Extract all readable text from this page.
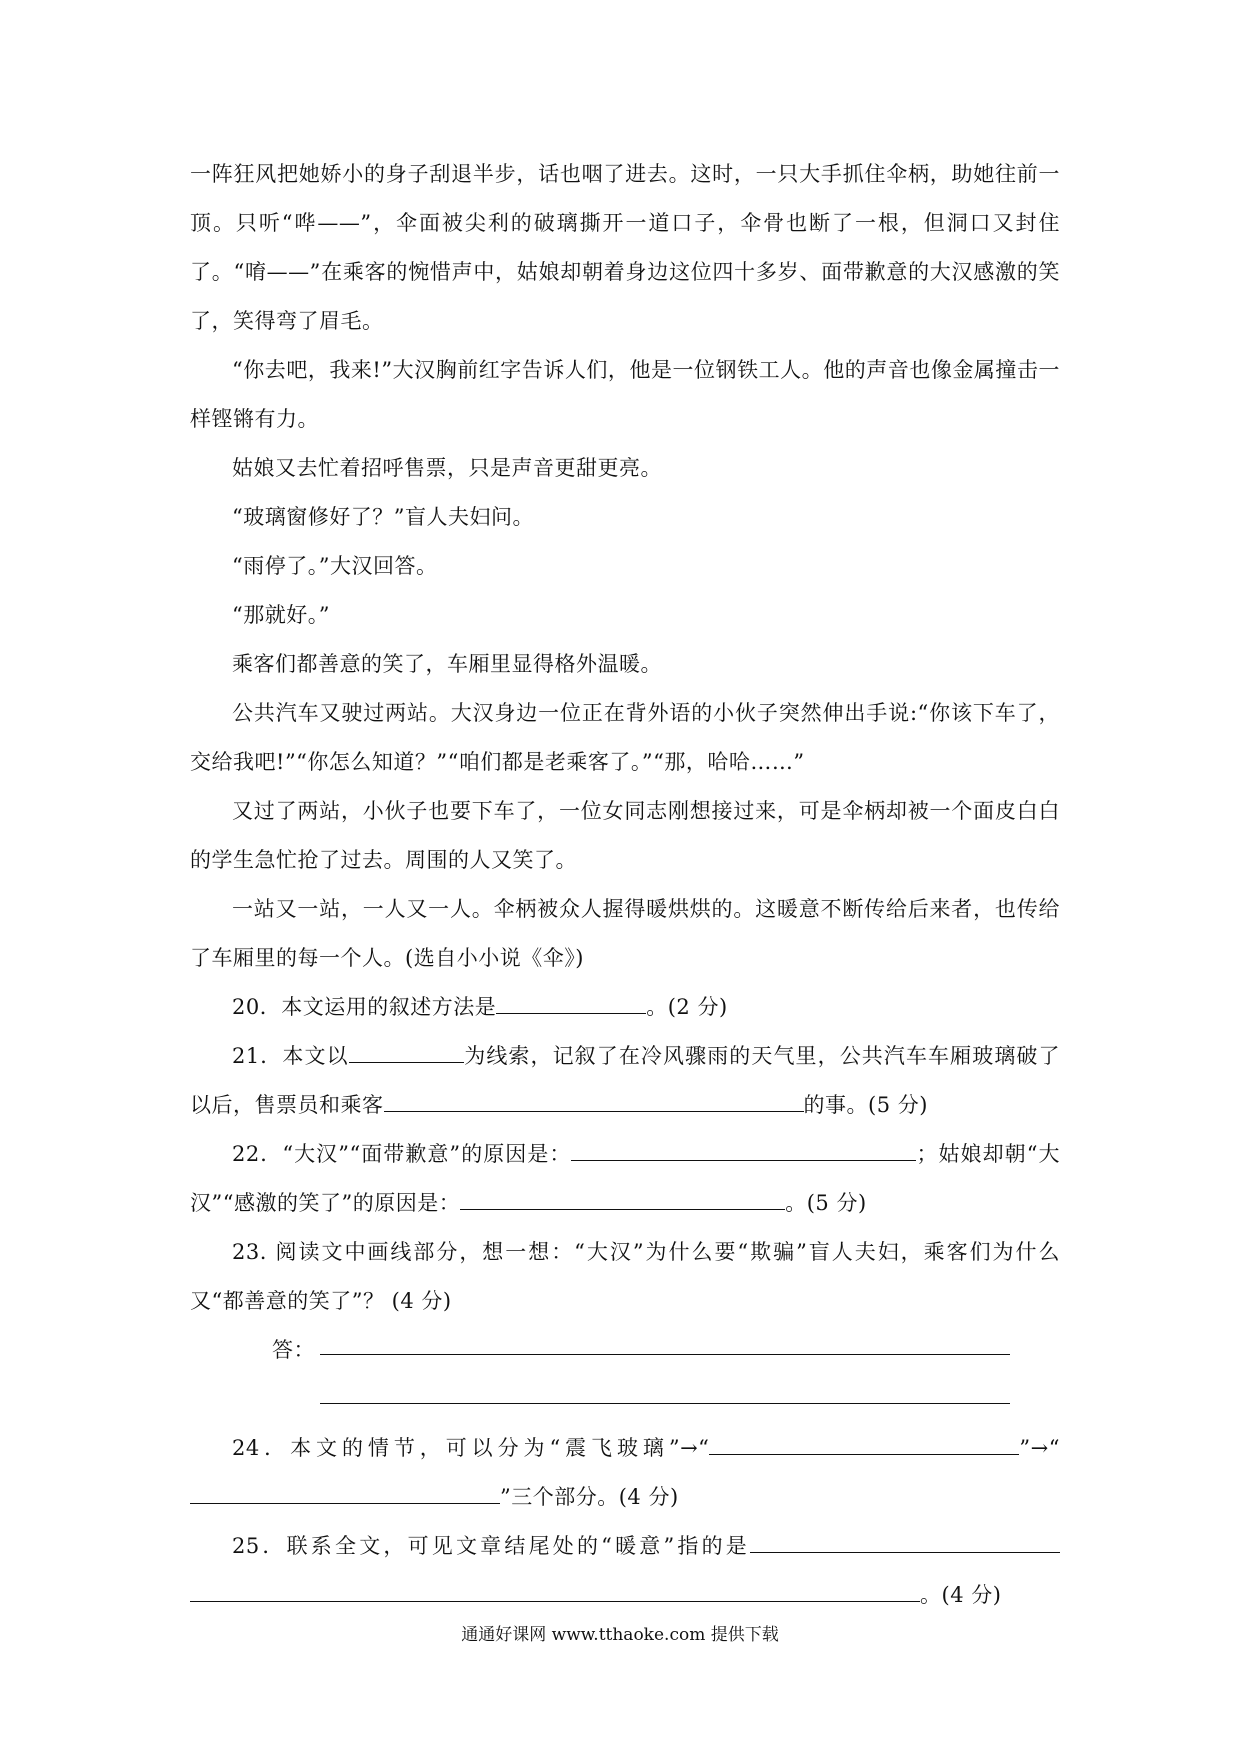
一阵狂风把她娇小的身子刮退半步，话也咽了进去。这时，一只大手抓住伞柄，助她往前一顶。只听“哗——”，伞面被尖利的破璃撕开一道口子，伞骨也断了一根，但洞口又封住了。“唷——”在乘客的惋惜声中，姑娘却朝着身边这位四十多岁、面带歉意的大汉感激的笑了，笑得弯了眉毛。

“你去吧，我来!”大汉胸前红字告诉人们，他是一位钢铁工人。他的声音也像金属撞击一样铿锵有力。

姑娘又去忙着招呼售票，只是声音更甜更亮。

“玻璃窗修好了？”盲人夫妇问。

“雨停了。”大汉回答。

“那就好。”

乘客们都善意的笑了，车厢里显得格外温暖。

公共汽车又驶过两站。大汉身边一位正在背外语的小伙子突然伸出手说:“你该下车了，交给我吧!”“你怎么知道？”“咱们都是老乘客了。”“那，哈哈……”

又过了两站，小伙子也要下车了，一位女同志刚想接过来，可是伞柄却被一个面皮白白的学生急忙抢了过去。周围的人又笑了。

一站又一站，一人又一人。伞柄被众人握得暖烘烘的。这暖意不断传给后来者，也传给了车厢里的每一个人。(选自小小说《伞》)

20．本文运用的叙述方法是	。(2 分)

21．本文以	为线索，记叙了在冷风骤雨的天气里，公共汽车车厢玻璃破了以后，售票员和乘客	的事。(5 分)

22．“大汉”“面带歉意”的原因是：	；姑娘却朝“大汉”“感激的笑了”的原因是：	。(5 分)

23. 阅读文中画线部分，想一想：“大汉”为什么要“欺骗”盲人夫妇，乘客们为什么又“都善意的笑了”？ (4 分)

答：

24．本文的情节，可以分为“震飞玻璃”→“	”→“”三个部分。(4 分)

25．联系全文，可见文章结尾处的“暖意”指的是。(4 分)

通通好课网 www.tthaoke.com 提供下载
